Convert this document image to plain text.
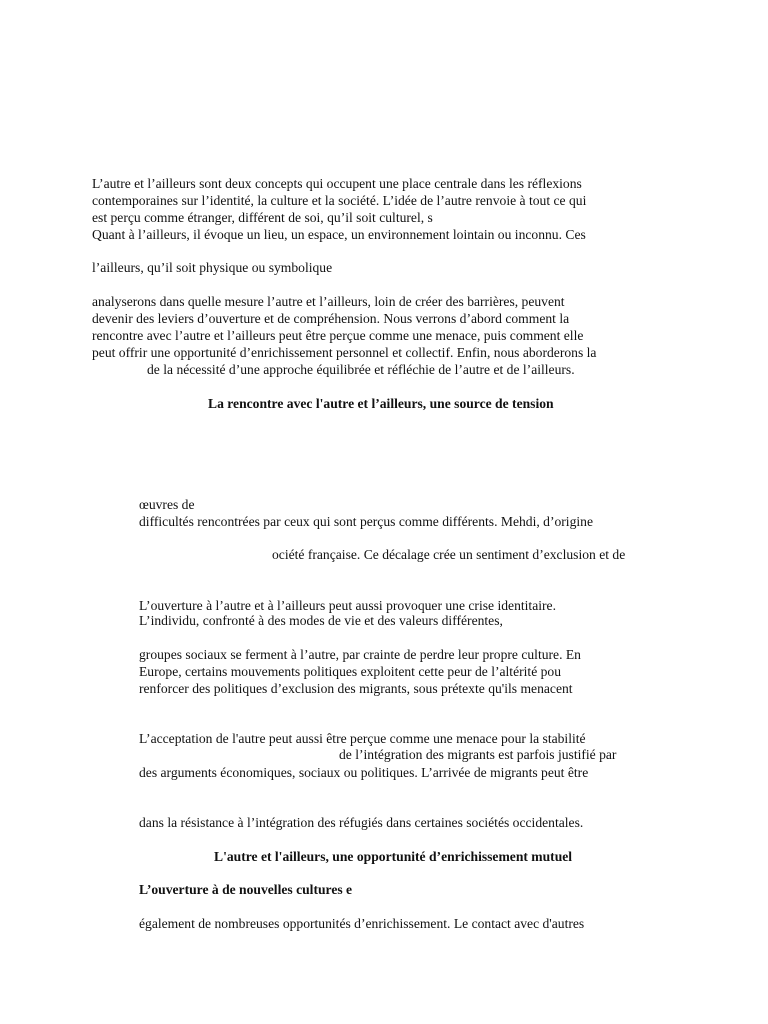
L’autre et l’ailleurs sont deux concepts qui occupent une place centrale dans les réflexions
contemporaines sur l’identité, la culture et la société. L’idée de l’autre renvoie à tout ce qui
est perçu comme étranger, différent de soi, qu’il soit culturel, s
Quant à l’ailleurs, il évoque un lieu, un espace, un environnement lointain ou inconnu. Ces
l’ailleurs, qu’il soit physique ou symbolique
analyserons dans quelle mesure l’autre et l’ailleurs, loin de créer des barrières, peuvent
devenir des leviers d’ouverture et de compréhension. Nous verrons d’abord comment la
rencontre avec l’autre et l’ailleurs peut être perçue comme une menace, puis comment elle
peut offrir une opportunité d’enrichissement personnel et collectif. Enfin, nous aborderons la
de la nécessité d’une approche équilibrée et réfléchie de l’autre et de l’ailleurs.
La rencontre avec l'autre et l’ailleurs, une source de tension
œuvres de
difficultés rencontrées par ceux qui sont perçus comme différents. Mehdi, d’origine
ociété française. Ce décalage crée un sentiment d’exclusion et de
L’ouverture à l’autre et à l’ailleurs peut aussi provoquer une crise identitaire.
L’individu, confronté à des modes de vie et des valeurs différentes,
groupes sociaux se ferment à l’autre, par crainte de perdre leur propre culture. En
Europe, certains mouvements politiques exploitent cette peur de l’altérité pou
renforcer des politiques d’exclusion des migrants, sous prétexte qu'ils menacent
L’acceptation de l'autre peut aussi être perçue comme une menace pour la stabilité
de l’intégration des migrants est parfois justifié par
des arguments économiques, sociaux ou politiques. L’arrivée de migrants peut être
dans la résistance à l’intégration des réfugiés dans certaines sociétés occidentales.
L'autre et l'ailleurs, une opportunité d’enrichissement mutuel
L’ouverture à de nouvelles cultures e
également de nombreuses opportunités d’enrichissement. Le contact avec d'autres
